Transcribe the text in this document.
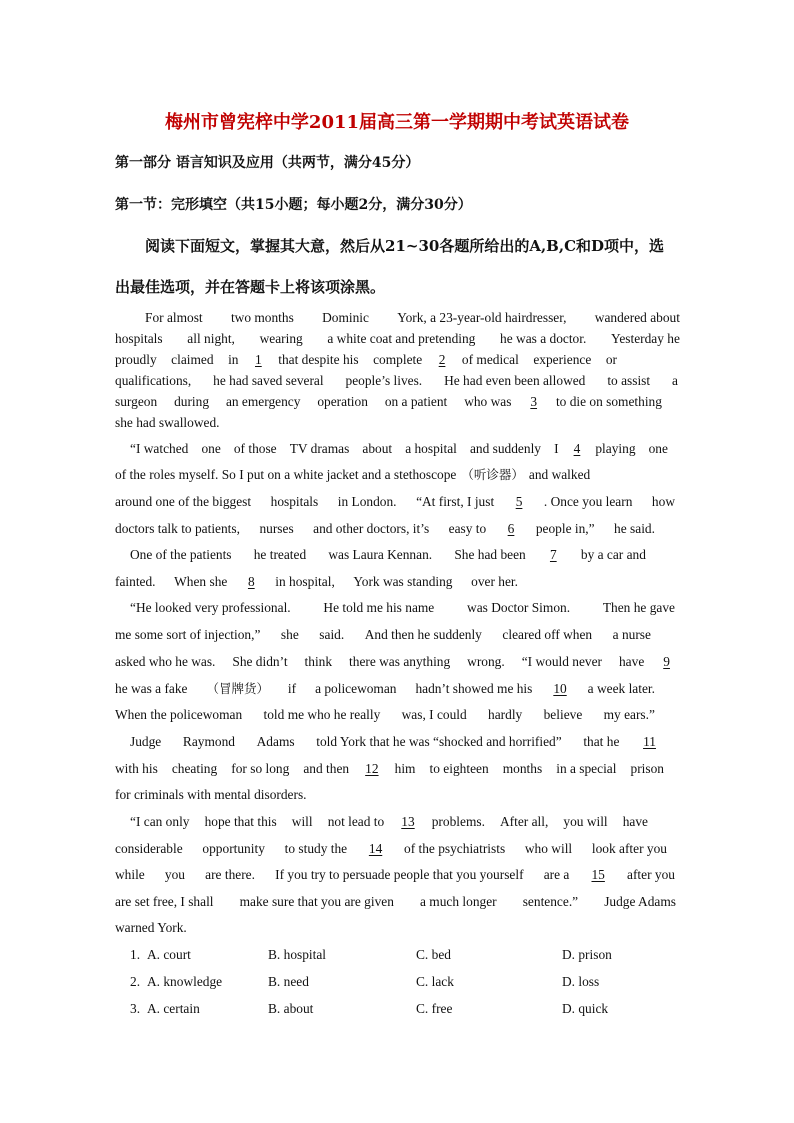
梅州市曾宪梓中学2011届高三第一学期期中考试英语试卷
第一部分 语言知识及应用（共两节，满分45分）
第一节：完形填空（共15小题；每小题2分，满分30分）
阅读下面短文，掌握其大意，然后从21~30各题所给出的A,B,C和D项中，选
出最佳选项，并在答题卡上将该项涂黑。
For almost two months Dominic York, a 23-year-old hairdresser, wandered about
hospitals all night, wearing a white coat and pretending he was a doctor. Yesterday he
proudly claimed in 1 that despite his complete 2 of medical experience or
qualifications, he had saved several people’s lives. He had even been allowed to assist a
surgeon during an emergency operation on a patient who was 3 to die on something
she had swallowed.
“I watched one of those TV dramas about a hospital and suddenly I 4 playing one
of the roles myself. So I put on a white jacket and a stethoscope （听诊器） and walked
around one of the biggest hospitals in London. “At first, I just 5 . Once you learn how
doctors talk to patients, nurses and other doctors, it’s easy to 6 people in,” he said.
One of the patients he treated was Laura Kennan. She had been 7 by a car and
fainted. When she 8 in hospital, York was standing over her.
“He looked very professional. He told me his name was Doctor Simon. Then he gave
me some sort of injection,” she said. And then he suddenly cleared off when a nurse
asked who he was. She didn’t think there was anything wrong. “I would never have 9
he was a fake （冒牌货） if a policewoman hadn’t showed me his 10 a week later.
When the policewoman told me who he really was, I could hardly believe my ears.”
Judge Raymond Adams told York that he was “shocked and horrified” that he 11
with his cheating for so long and then 12 him to eighteen months in a special prison
for criminals with mental disorders.
“I can only hope that this will not lead to 13 problems. After all, you will have
considerable opportunity to study the 14 of the psychiatrists who will look after you
while you are there. If you try to persuade people that you yourself are a 15 after you
are set free, I shall make sure that you are given a much longer sentence.” Judge Adams
warned York.
1. A. court	B. hospital	C. bed	D. prison
2. A. knowledge	B. need	C. lack	D. loss
3. A. certain	B. about	C. free	D. quick
